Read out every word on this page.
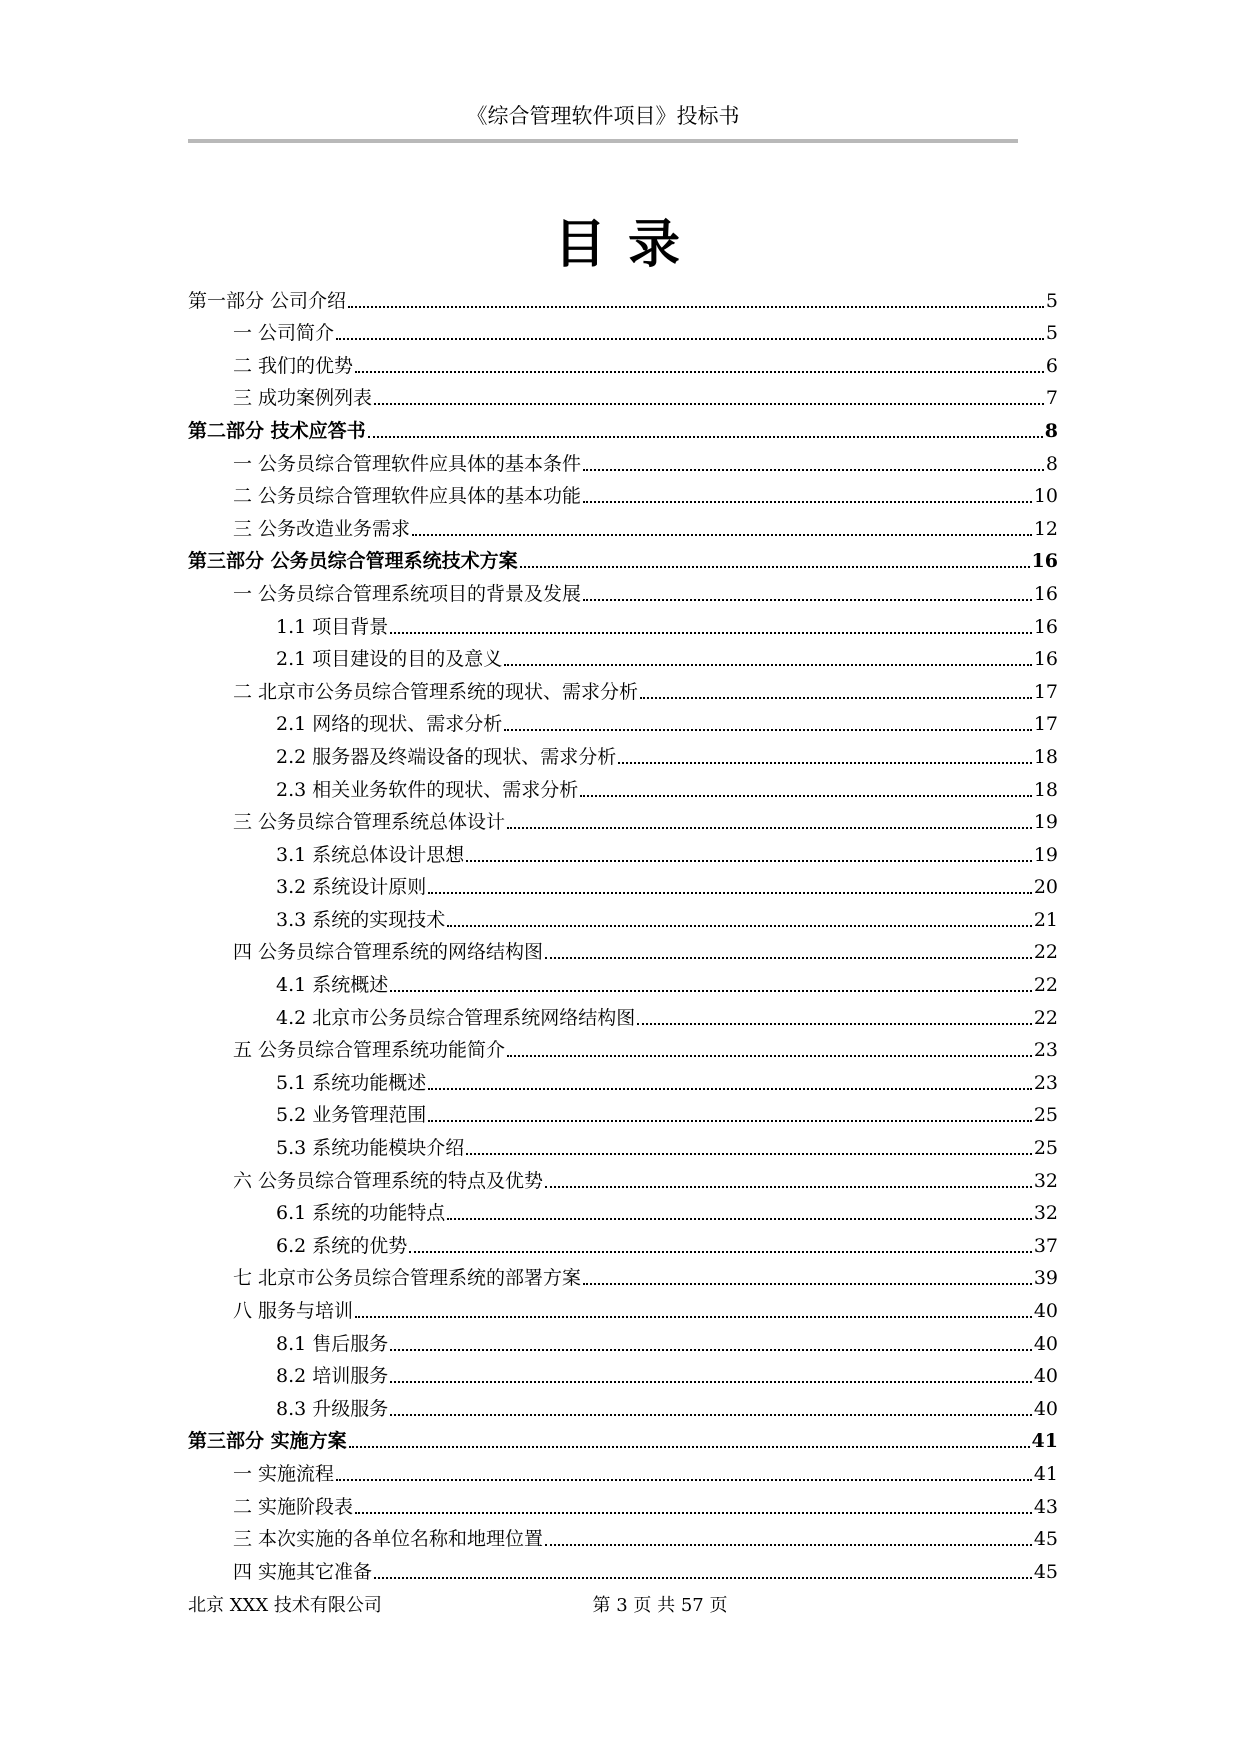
《综合管理软件项目》投标书
目录
第一部分 公司介绍	5
一 公司简介	5
二 我们的优势	6
三 成功案例列表	7
第二部分 技术应答书	8
一 公务员综合管理软件应具体的基本条件	8
二 公务员综合管理软件应具体的基本功能	10
三 公务改造业务需求	12
第三部分 公务员综合管理系统技术方案	16
一 公务员综合管理系统项目的背景及发展	16
1.1 项目背景	16
2.1 项目建设的目的及意义	16
二 北京市公务员综合管理系统的现状、需求分析	17
2.1 网络的现状、需求分析	17
2.2 服务器及终端设备的现状、需求分析	18
2.3 相关业务软件的现状、需求分析	18
三 公务员综合管理系统总体设计	19
3.1 系统总体设计思想	19
3.2 系统设计原则	20
3.3 系统的实现技术	21
四 公务员综合管理系统的网络结构图	22
4.1 系统概述	22
4.2 北京市公务员综合管理系统网络结构图	22
五 公务员综合管理系统功能简介	23
5.1 系统功能概述	23
5.2 业务管理范围	25
5.3 系统功能模块介绍	25
六 公务员综合管理系统的特点及优势	32
6.1 系统的功能特点	32
6.2 系统的优势	37
七 北京市公务员综合管理系统的部署方案	39
八 服务与培训	40
8.1 售后服务	40
8.2 培训服务	40
8.3 升级服务	40
第三部分 实施方案	41
一 实施流程	41
二 实施阶段表	43
三 本次实施的各单位名称和地理位置	45
四 实施其它准备	45
北京 XXX 技术有限公司	第 3 页 共 57 页
